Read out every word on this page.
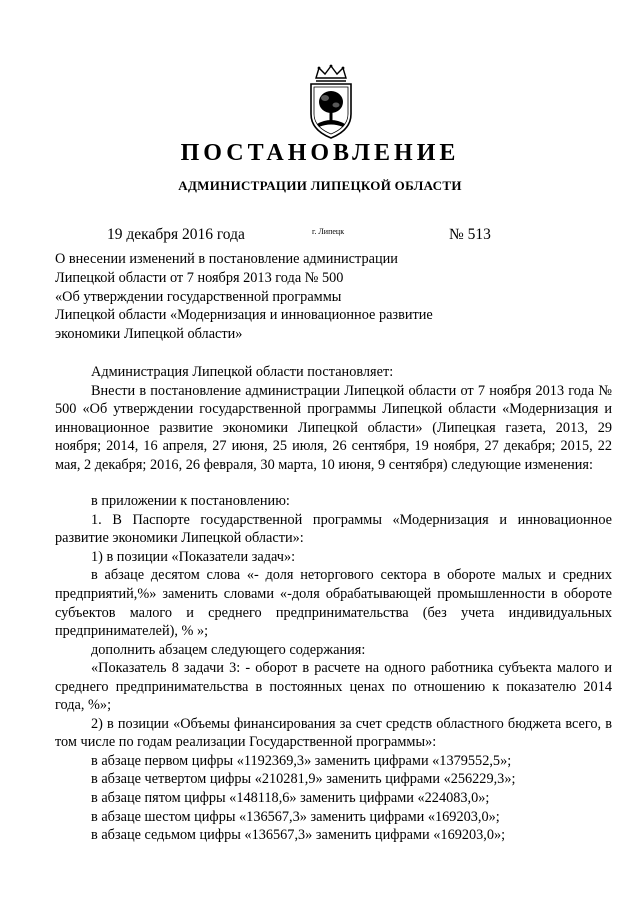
ПОСТАНОВЛЕНИЕ
АДМИНИСТРАЦИИ ЛИПЕЦКОЙ ОБЛАСТИ
19 декабря 2016 года	г. Липецк	№ 513
О внесении изменений в постановление администрации
Липецкой области от 7 ноября 2013 года № 500
«Об утверждении государственной программы
Липецкой области «Модернизация и инновационное развитие
экономики Липецкой области»

Администрация Липецкой области постановляет:

Внести в постановление администрации Липецкой области от 7 ноября 2013 года № 500 «Об утверждении государственной программы Липецкой области «Модернизация и инновационное развитие экономики Липецкой области» (Липецкая газета, 2013, 29 ноября; 2014, 16 апреля, 27 июня, 25 июля, 26 сентября, 19 ноября, 27 декабря; 2015, 22 мая, 2 декабря; 2016, 26 февраля, 30 марта, 10 июня, 9 сентября) следующие изменения:

в приложении к постановлению:

1. В Паспорте государственной программы «Модернизация и инновационное развитие экономики Липецкой области»:

1) в позиции «Показатели задач»:

в абзаце десятом слова «- доля неторгового сектора в обороте малых и средних предприятий,%» заменить словами «-доля обрабатывающей промышленности в обороте субъектов малого и среднего предпринимательства (без учета индивидуальных предпринимателей), % »;

дополнить абзацем следующего содержания:

«Показатель 8 задачи 3: - оборот в расчете на одного работника субъекта малого и среднего предпринимательства в постоянных ценах по отношению к показателю 2014 года, %»;

2) в позиции «Объемы финансирования за счет средств областного бюджета всего, в том числе по годам реализации Государственной программы»:

в абзаце первом цифры «1192369,3» заменить цифрами «1379552,5»;

в абзаце четвертом цифры «210281,9» заменить цифрами «256229,3»;

в абзаце пятом цифры «148118,6» заменить цифрами «224083,0»;

в абзаце шестом цифры «136567,3» заменить цифрами «169203,0»;

в абзаце седьмом цифры «136567,3» заменить цифрами «169203,0»;
